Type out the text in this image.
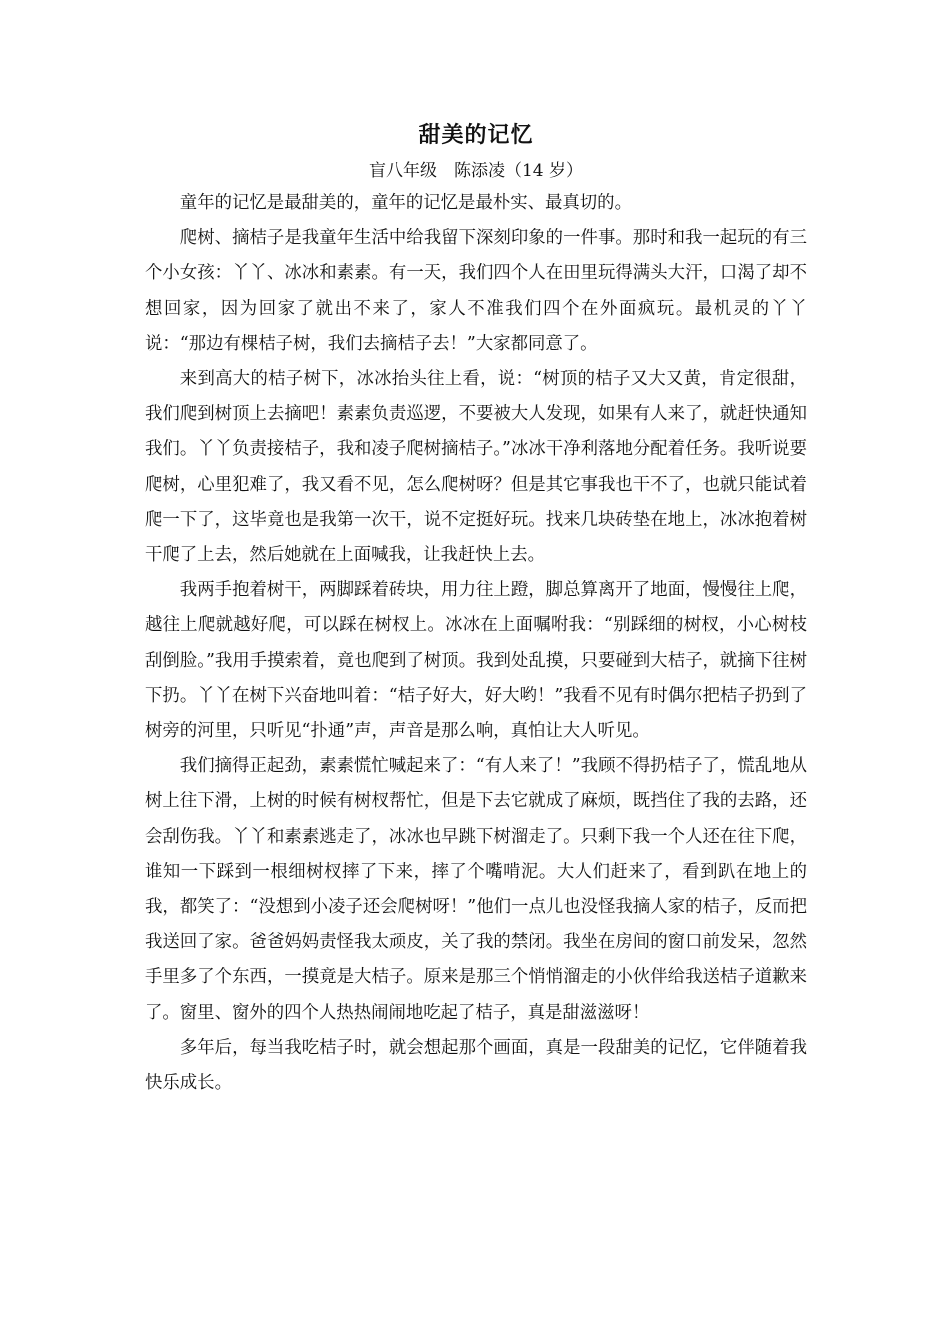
甜美的记忆
盲八年级　陈添凌（14 岁）

童年的记忆是最甜美的，童年的记忆是最朴实、最真切的。

爬树、摘桔子是我童年生活中给我留下深刻印象的一件事。那时和我一起玩的有三个小女孩：丫丫、冰冰和素素。有一天，我们四个人在田里玩得满头大汗，口渴了却不想回家，因为回家了就出不来了，家人不准我们四个在外面疯玩。最机灵的丫丫说：“那边有棵桔子树，我们去摘桔子去！”大家都同意了。

来到高大的桔子树下，冰冰抬头往上看，说：“树顶的桔子又大又黄，肯定很甜，我们爬到树顶上去摘吧！素素负责巡逻，不要被大人发现，如果有人来了，就赶快通知我们。丫丫负责接桔子，我和凌子爬树摘桔子。”冰冰干净利落地分配着任务。我听说要爬树，心里犯难了，我又看不见，怎么爬树呀？但是其它事我也干不了，也就只能试着爬一下了，这毕竟也是我第一次干，说不定挺好玩。找来几块砖垫在地上，冰冰抱着树干爬了上去，然后她就在上面喊我，让我赶快上去。

我两手抱着树干，两脚踩着砖块，用力往上蹬，脚总算离开了地面，慢慢往上爬，越往上爬就越好爬，可以踩在树杈上。冰冰在上面嘱咐我：“别踩细的树杈，小心树枝刮倒脸。”我用手摸索着，竟也爬到了树顶。我到处乱摸，只要碰到大桔子，就摘下往树下扔。丫丫在树下兴奋地叫着：“桔子好大，好大哟！”我看不见有时偶尔把桔子扔到了树旁的河里，只听见“扑通”声，声音是那么响，真怕让大人听见。

我们摘得正起劲，素素慌忙喊起来了：“有人来了！”我顾不得扔桔子了，慌乱地从树上往下滑，上树的时候有树杈帮忙，但是下去它就成了麻烦，既挡住了我的去路，还会刮伤我。丫丫和素素逃走了，冰冰也早跳下树溜走了。只剩下我一个人还在往下爬，谁知一下踩到一根细树杈摔了下来，摔了个嘴啃泥。大人们赶来了，看到趴在地上的我，都笑了：“没想到小凌子还会爬树呀！”他们一点儿也没怪我摘人家的桔子，反而把我送回了家。爸爸妈妈责怪我太顽皮，关了我的禁闭。我坐在房间的窗口前发呆，忽然手里多了个东西，一摸竟是大桔子。原来是那三个悄悄溜走的小伙伴给我送桔子道歉来了。窗里、窗外的四个人热热闹闹地吃起了桔子，真是甜滋滋呀！

多年后，每当我吃桔子时，就会想起那个画面，真是一段甜美的记忆，它伴随着我快乐成长。
